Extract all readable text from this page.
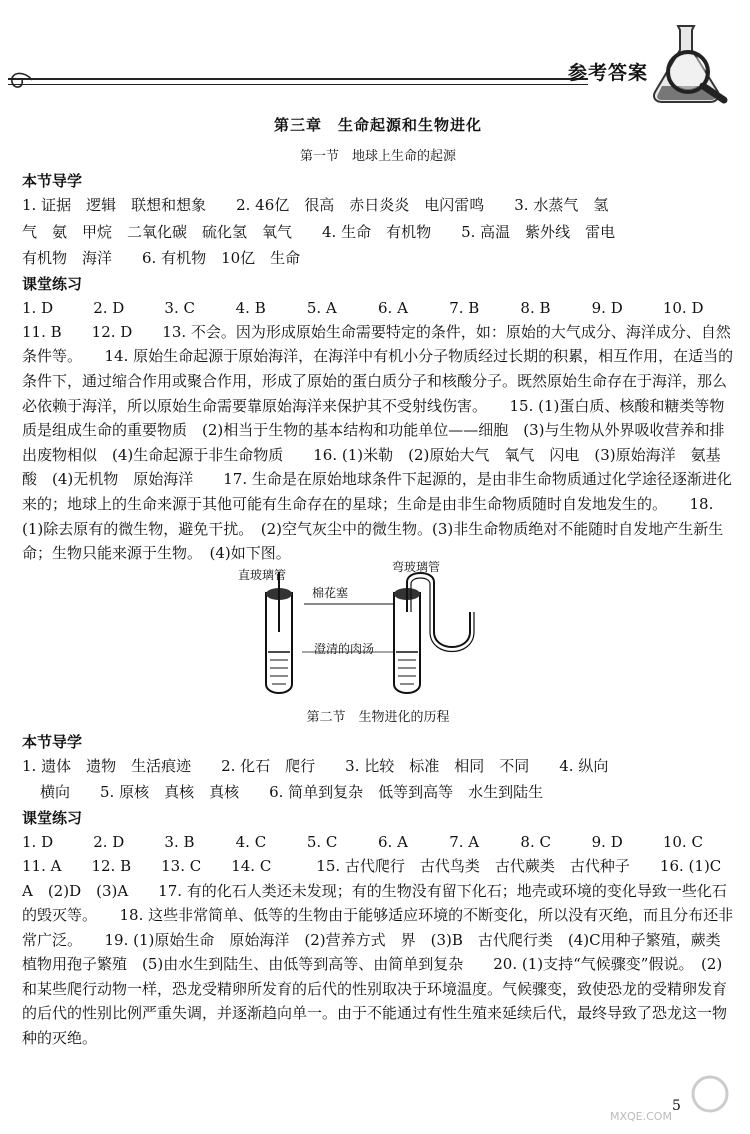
参考答案
第三章　生命起源和生物进化
第一节　地球上生命的起源
本节导学

1. 证据　逻辑　联想和想象　　2. 46亿　很高　赤日炎炎　电闪雷鸣　　3. 水蒸气　氢

气　氨　甲烷　二氧化碳　硫化氢　氧气　　4. 生命　有机物　　5. 高温　紫外线　雷电

有机物　海洋　　6. 有机物　10亿　生命

课堂练习
1. D	2. D	3. C	4. B	5. A	6. A	7. B	8. B	9. D	10. D

11. B　　12. D　　13. 不会。因为形成原始生命需要特定的条件，如：原始的大气成分、海洋成分、自然条件等。　　14. 原始生命起源于原始海洋，在海洋中有机小分子物质经过长期的积累，相互作用，在适当的条件下，通过缩合作用或聚合作用，形成了原始的蛋白质分子和核酸分子。既然原始生命存在于海洋，那么必依赖于海洋，所以原始生命需要靠原始海洋来保护其不受射线伤害。　　15. (1)蛋白质、核酸和糖类等物质是组成生命的重要物质　(2)相当于生物的基本结构和功能单位——细胞　(3)与生物从外界吸收营养和排出废物相似　(4)生命起源于非生命物质　　16. (1)米勒　(2)原始大气　氧气　闪电　(3)原始海洋　氨基酸　(4)无机物　原始海洋　　17. 生命是在原始地球条件下起源的，是由非生命物质通过化学途径逐渐进化来的；地球上的生命来源于其他可能有生命存在的星球；生命是由非生命物质随时自发地发生的。　　18. (1)除去原有的微生物，避免干扰。　(2)空气灰尘中的微生物。(3)非生命物质绝对不能随时自发地产生新生命；生物只能来源于生物。　(4)如下图。

直玻璃管
弯玻璃管
棉花塞
澄清的肉汤
第二节　生物进化的历程
本节导学

1. 遗体　遗物　生活痕迹　　2. 化石　爬行　　3. 比较　标准　相同　不同　　4. 纵向

横向　　5. 原核　真核　真核　　6. 简单到复杂　低等到高等　水生到陆生

课堂练习
1. D	2. D	3. B	4. C	5. C	6. A	7. A	8. C	9. D	10. C

11. A　　12. B　　13. C　　14. C　　　15. 古代爬行　古代鸟类　古代蕨类　古代种子　　16. (1)C　A　(2)D　(3)A　　17. 有的化石人类还未发现；有的生物没有留下化石；地壳或环境的变化导致一些化石的毁灭等。　　18. 这些非常简单、低等的生物由于能够适应环境的不断变化，所以没有灭绝，而且分布还非常广泛。　　19. (1)原始生命　原始海洋　(2)营养方式　界　(3)B　古代爬行类　(4)C用种子繁殖，蕨类植物用孢子繁殖　(5)由水生到陆生、由低等到高等、由简单到复杂　　20. (1)支持“气候骤变”假说。　(2)和某些爬行动物一样，恐龙受精卵所发育的后代的性别取决于环境温度。气候骤变，致使恐龙的受精卵发育的后代的性别比例严重失调，并逐渐趋向单一。由于不能通过有性生殖来延续后代，最终导致了恐龙这一物种的灭绝。

5
MXQE.COM
